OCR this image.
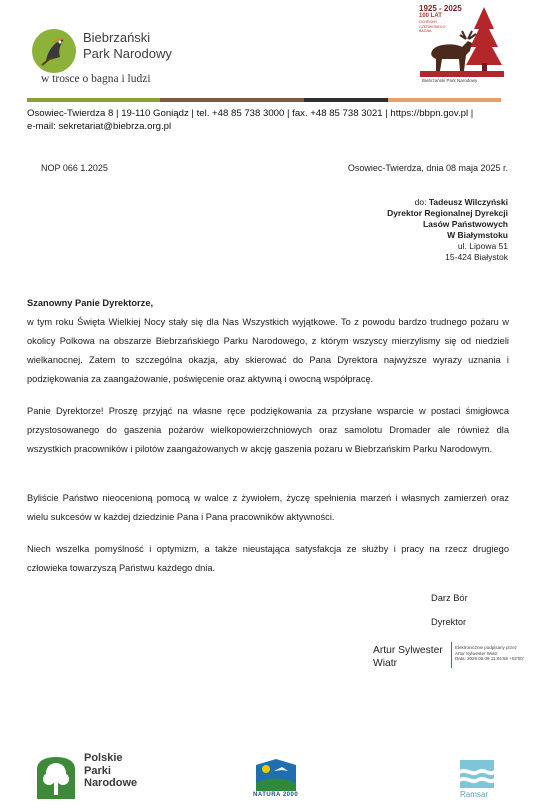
Biebrzański
Park Narodowy
w trosce o bagna i ludzi
1925 - 2025
100 LAT
OCHRONY
CZERWONEGO
BAGNA
Biebrzański Park Narodowy
Osowiec-Twierdza 8 | 19-110 Goniądz | tel. +48 85 738 3000 | fax. +48 85 738 3021 | https://bbpn.gov.pl |
e-mail: sekretariat@biebrza.org.pl
NOP 066 1.2025	Osowiec-Twierdza, dnia 08 maja 2025 r.
do: Tadeusz Wilczyński
Dyrektor Regionalnej Dyrekcji
Lasów Państwowych
W Białymstoku
ul. Lipowa 51
15-424 Białystok
Szanowny Panie Dyrektorze,
w tym roku Święta Wielkiej Nocy stały się dla Nas Wszystkich wyjątkowe. To z powodu bardzo trudnego pożaru w okolicy Polkowa na obszarze Biebrzańskiego Parku Narodowego, z którym wszyscy mierzylismy się od niedzieli wielkanocnej. Zatem to szczególna okazja, aby skierować do Pana Dyrektora najwyższe wyrazy uznania i podziękowania za zaangażowanie, poświęcenie oraz aktywną i owocną współpracę.
Panie Dyrektorze! Proszę przyjąć na własne ręce podziękowania za przysłane wsparcie w postaci śmigłowca przystosowanego do gaszenia pożarów wielkopowierzchniowych oraz samolotu Dromader ale również dla wszystkich pracowników i pilotów zaangażowanych w akcję gaszenia pożaru w Biebrzańskim Parku Narodowym.
Byliście Państwo nieocenioną pomocą w walce z żywiołem, życzę spełnienia marzeń i własnych zamierzeń oraz wielu sukcesów w każdej dziedzinie Pana i Pana pracowników aktywności.
Niech wszelka pomyślność i optymizm, a także nieustająca satysfakcja ze służby i pracy na rzecz drugiego człowieka towarzyszą Państwu każdego dnia.
Darz Bór
Dyrektor
Artur Sylwester
Wiatr
Elektronicznie podpisany przez
Artur Sylwester Wiatr
Data: 2025.05.09 11:04:55 +02'00'
Polskie
Parki
Narodowe
NATURA 2000	Ramsar
